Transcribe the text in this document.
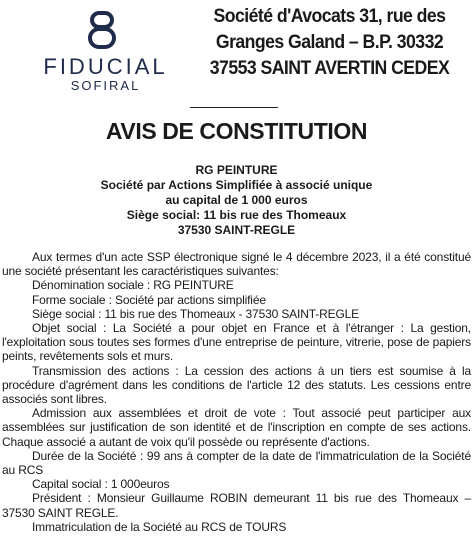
FIDUCIAL
SOFIRAL
Société d'Avocats 31, rue des
Granges Galand – B.P. 30332
37553 SAINT AVERTIN CEDEX
AVIS DE CONSTITUTION
RG PEINTURE
Société par Actions Simplifiée à associé unique
au capital de 1 000 euros
Siège social: 11 bis rue des Thomeaux
37530 SAINT-REGLE

Aux termes d'un acte SSP électronique signé le 4 décembre 2023, il a été constitué une société présentant les caractéristiques suivantes:

Dénomination sociale : RG PEINTURE

Forme sociale : Société par actions simplifiée

Siège social : 11 bis rue des Thomeaux - 37530 SAINT-REGLE

Objet social : La Société a pour objet en France et à l'étranger : La gestion, l'exploitation sous toutes ses formes d'une entreprise de peinture, vitrerie, pose de papiers peints, revêtements sols et murs.

Transmission des actions : La cession des actions à un tiers est soumise à la procédure d'agrément dans les conditions de l'article 12 des statuts. Les cessions entre associés sont libres.

Admission aux assemblées et droit de vote : Tout associé peut participer aux assemblées sur justification de son identité et de l'inscription en compte de ses actions. Chaque associé a autant de voix qu'il possède ou représente d'actions.

Durée de la Société : 99 ans à compter de la date de l'immatriculation de la Société au RCS

Capital social : 1 000euros

Président : Monsieur Guillaume ROBIN demeurant 11 bis rue des Thomeaux – 37530 SAINT REGLE.

Immatriculation de la Société au RCS de TOURS
